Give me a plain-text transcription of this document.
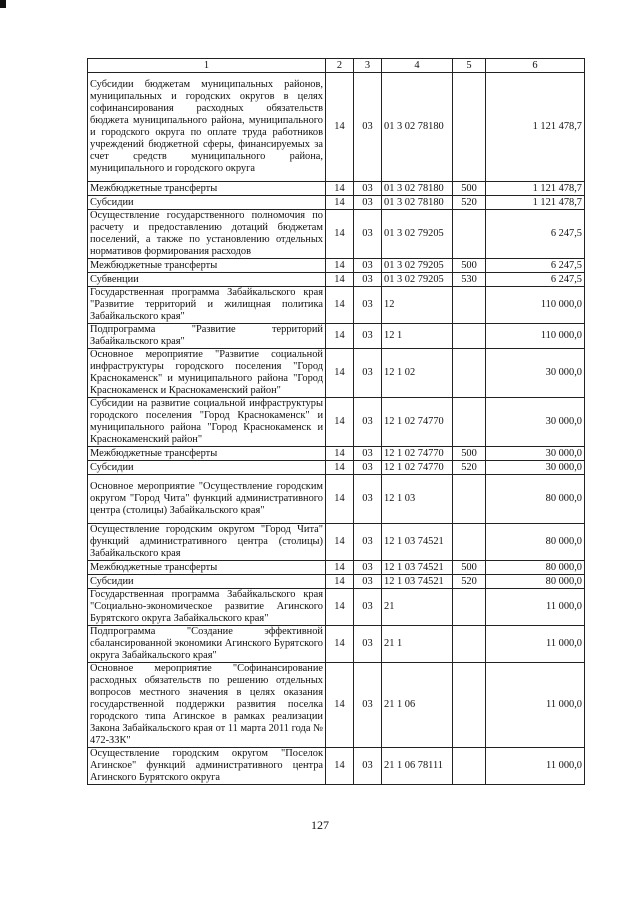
1	2	3	4	5	6
Субсидии бюджетам муниципальных районов, муниципальных и городских округов в целях софинансирования расходных обязательств бюджета муниципального района, муниципального и городского округа по оплате труда работников учреждений бюджетной сферы, финансируемых за счет средств муниципального района, муниципального и городского округа	14	03	01 3 02 78180		1 121 478,7
Межбюджетные трансферты	14	03	01 3 02 78180	500	1 121 478,7
Субсидии	14	03	01 3 02 78180	520	1 121 478,7
Осуществление государственного полномочия по расчету и предоставлению дотаций бюджетам поселений, а также по установлению отдельных нормативов формирования расходов	14	03	01 3 02 79205		6 247,5
Межбюджетные трансферты	14	03	01 3 02 79205	500	6 247,5
Субвенции	14	03	01 3 02 79205	530	6 247,5
Государственная программа Забайкальского края "Развитие территорий и жилищная политика Забайкальского края"	14	03	12		110 000,0
Подпрограмма "Развитие территорий Забайкальского края"	14	03	12 1		110 000,0
Основное мероприятие "Развитие социальной инфраструктуры городского поселения "Город Краснокаменск" и муниципального района "Город Краснокаменск и Краснокаменский район"	14	03	12 1 02		30 000,0
Субсидии на развитие социальной инфраструктуры городского поселения "Город Краснокаменск" и муниципального района "Город Краснокаменск и Краснокаменский район"	14	03	12 1 02 74770		30 000,0
Межбюджетные трансферты	14	03	12 1 02 74770	500	30 000,0
Субсидии	14	03	12 1 02 74770	520	30 000,0
Основное мероприятие "Осуществление городским округом "Город Чита" функций административного центра (столицы) Забайкальского края"	14	03	12 1 03		80 000,0
Осуществление городским округом "Город Чита" функций административного центра (столицы) Забайкальского края	14	03	12 1 03 74521		80 000,0
Межбюджетные трансферты	14	03	12 1 03 74521	500	80 000,0
Субсидии	14	03	12 1 03 74521	520	80 000,0
Государственная программа Забайкальского края "Социально-экономическое развитие Агинского Бурятского округа Забайкальского края"	14	03	21		11 000,0
Подпрограмма "Создание эффективной сбалансированной экономики Агинского Бурятского округа Забайкальского края"	14	03	21 1		11 000,0
Основное мероприятие "Софинансирование расходных обязательств по решению отдельных вопросов местного значения в целях оказания государственной поддержки развития поселка городского типа Агинское в рамках реализации Закона Забайкальского края от 11 марта 2011 года № 472-ЗЗК"	14	03	21 1 06		11 000,0
Осуществление городским округом "Поселок Агинское" функций административного центра Агинского Бурятского округа	14	03	21 1 06 78111		11 000,0
127
